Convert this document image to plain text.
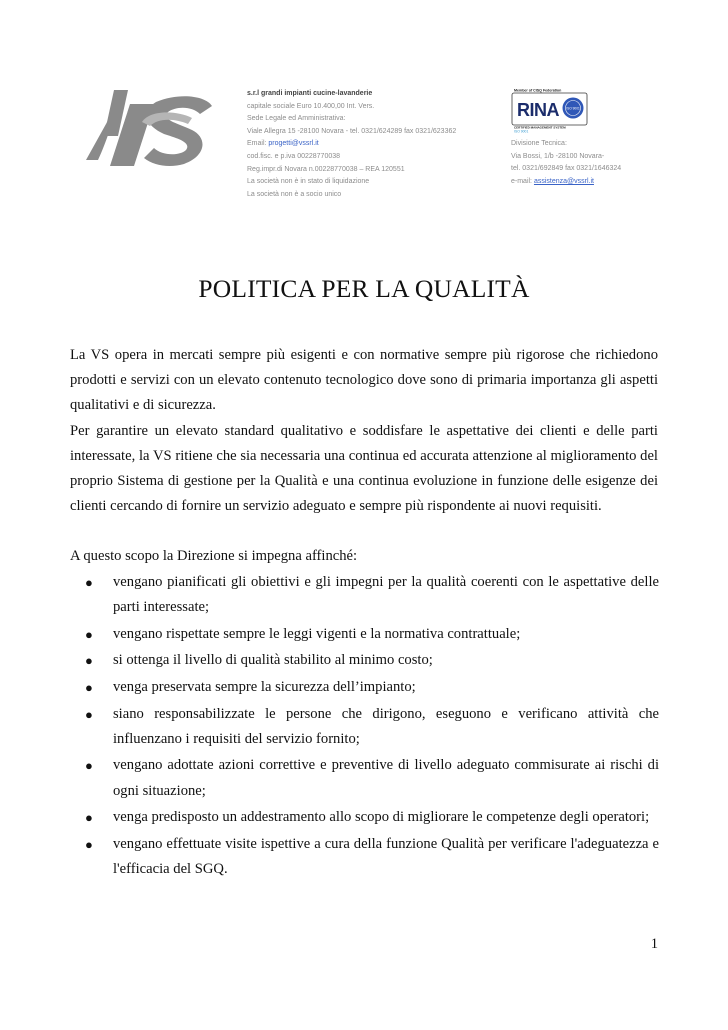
s.r.l grandi impianti cucine-lavanderie
capitale sociale Euro 10.400,00 Int. Vers.
Sede Legale ed Amministrativa:
Viale Allegra 15 -28100 Novara - tel. 0321/624289 fax 0321/623362
Email: progetti@vssrl.it
cod.fisc. e p.iva 00228770038
Reg.impr.di Novara n.00228770038 – REA 120551
La società non è in stato di liquidazione
La società non è a socio unico
Member of CISQ Federation
RINA ISO 9001
CERTIFIED MANAGEMENT SYSTEM
ISO 9001
Divisione Tecnica:
Via Bossi, 1/b -28100 Novara-
tel. 0321/692849 fax 0321/1646324
e-mail: assistenza@vssrl.it
POLITICA PER LA QUALITÀ

La VS opera in mercati sempre più esigenti e con normative sempre più rigorose che richiedono prodotti e servizi con un elevato contenuto tecnologico dove sono di primaria importanza gli aspetti qualitativi e di sicurezza.

Per garantire un elevato standard qualitativo e soddisfare le aspettative dei clienti e delle parti interessate, la VS ritiene che sia necessaria una continua ed accurata attenzione al miglioramento del proprio Sistema di gestione per la Qualità e una continua evoluzione in funzione delle esigenze dei clienti cercando di fornire un servizio adeguato e sempre più rispondente ai nuovi requisiti.

A questo scopo la Direzione si impegna affinché:

● vengano pianificati gli obiettivi e gli impegni per la qualità coerenti con le aspettative delle parti interessate;
● vengano rispettate sempre le leggi vigenti e la normativa contrattuale;
● si ottenga il livello di qualità stabilito al minimo costo;
● venga preservata sempre la sicurezza dell’impianto;
● siano responsabilizzate le persone che dirigono, eseguono e verificano attività che influenzano i requisiti del servizio fornito;
● vengano adottate azioni correttive e preventive di livello adeguato commisurate ai rischi di ogni situazione;
● venga predisposto un addestramento allo scopo di migliorare le competenze degli operatori;
● vengano effettuate visite ispettive a cura della funzione Qualità per verificare l'adeguatezza e l'efficacia del SGQ.
1
